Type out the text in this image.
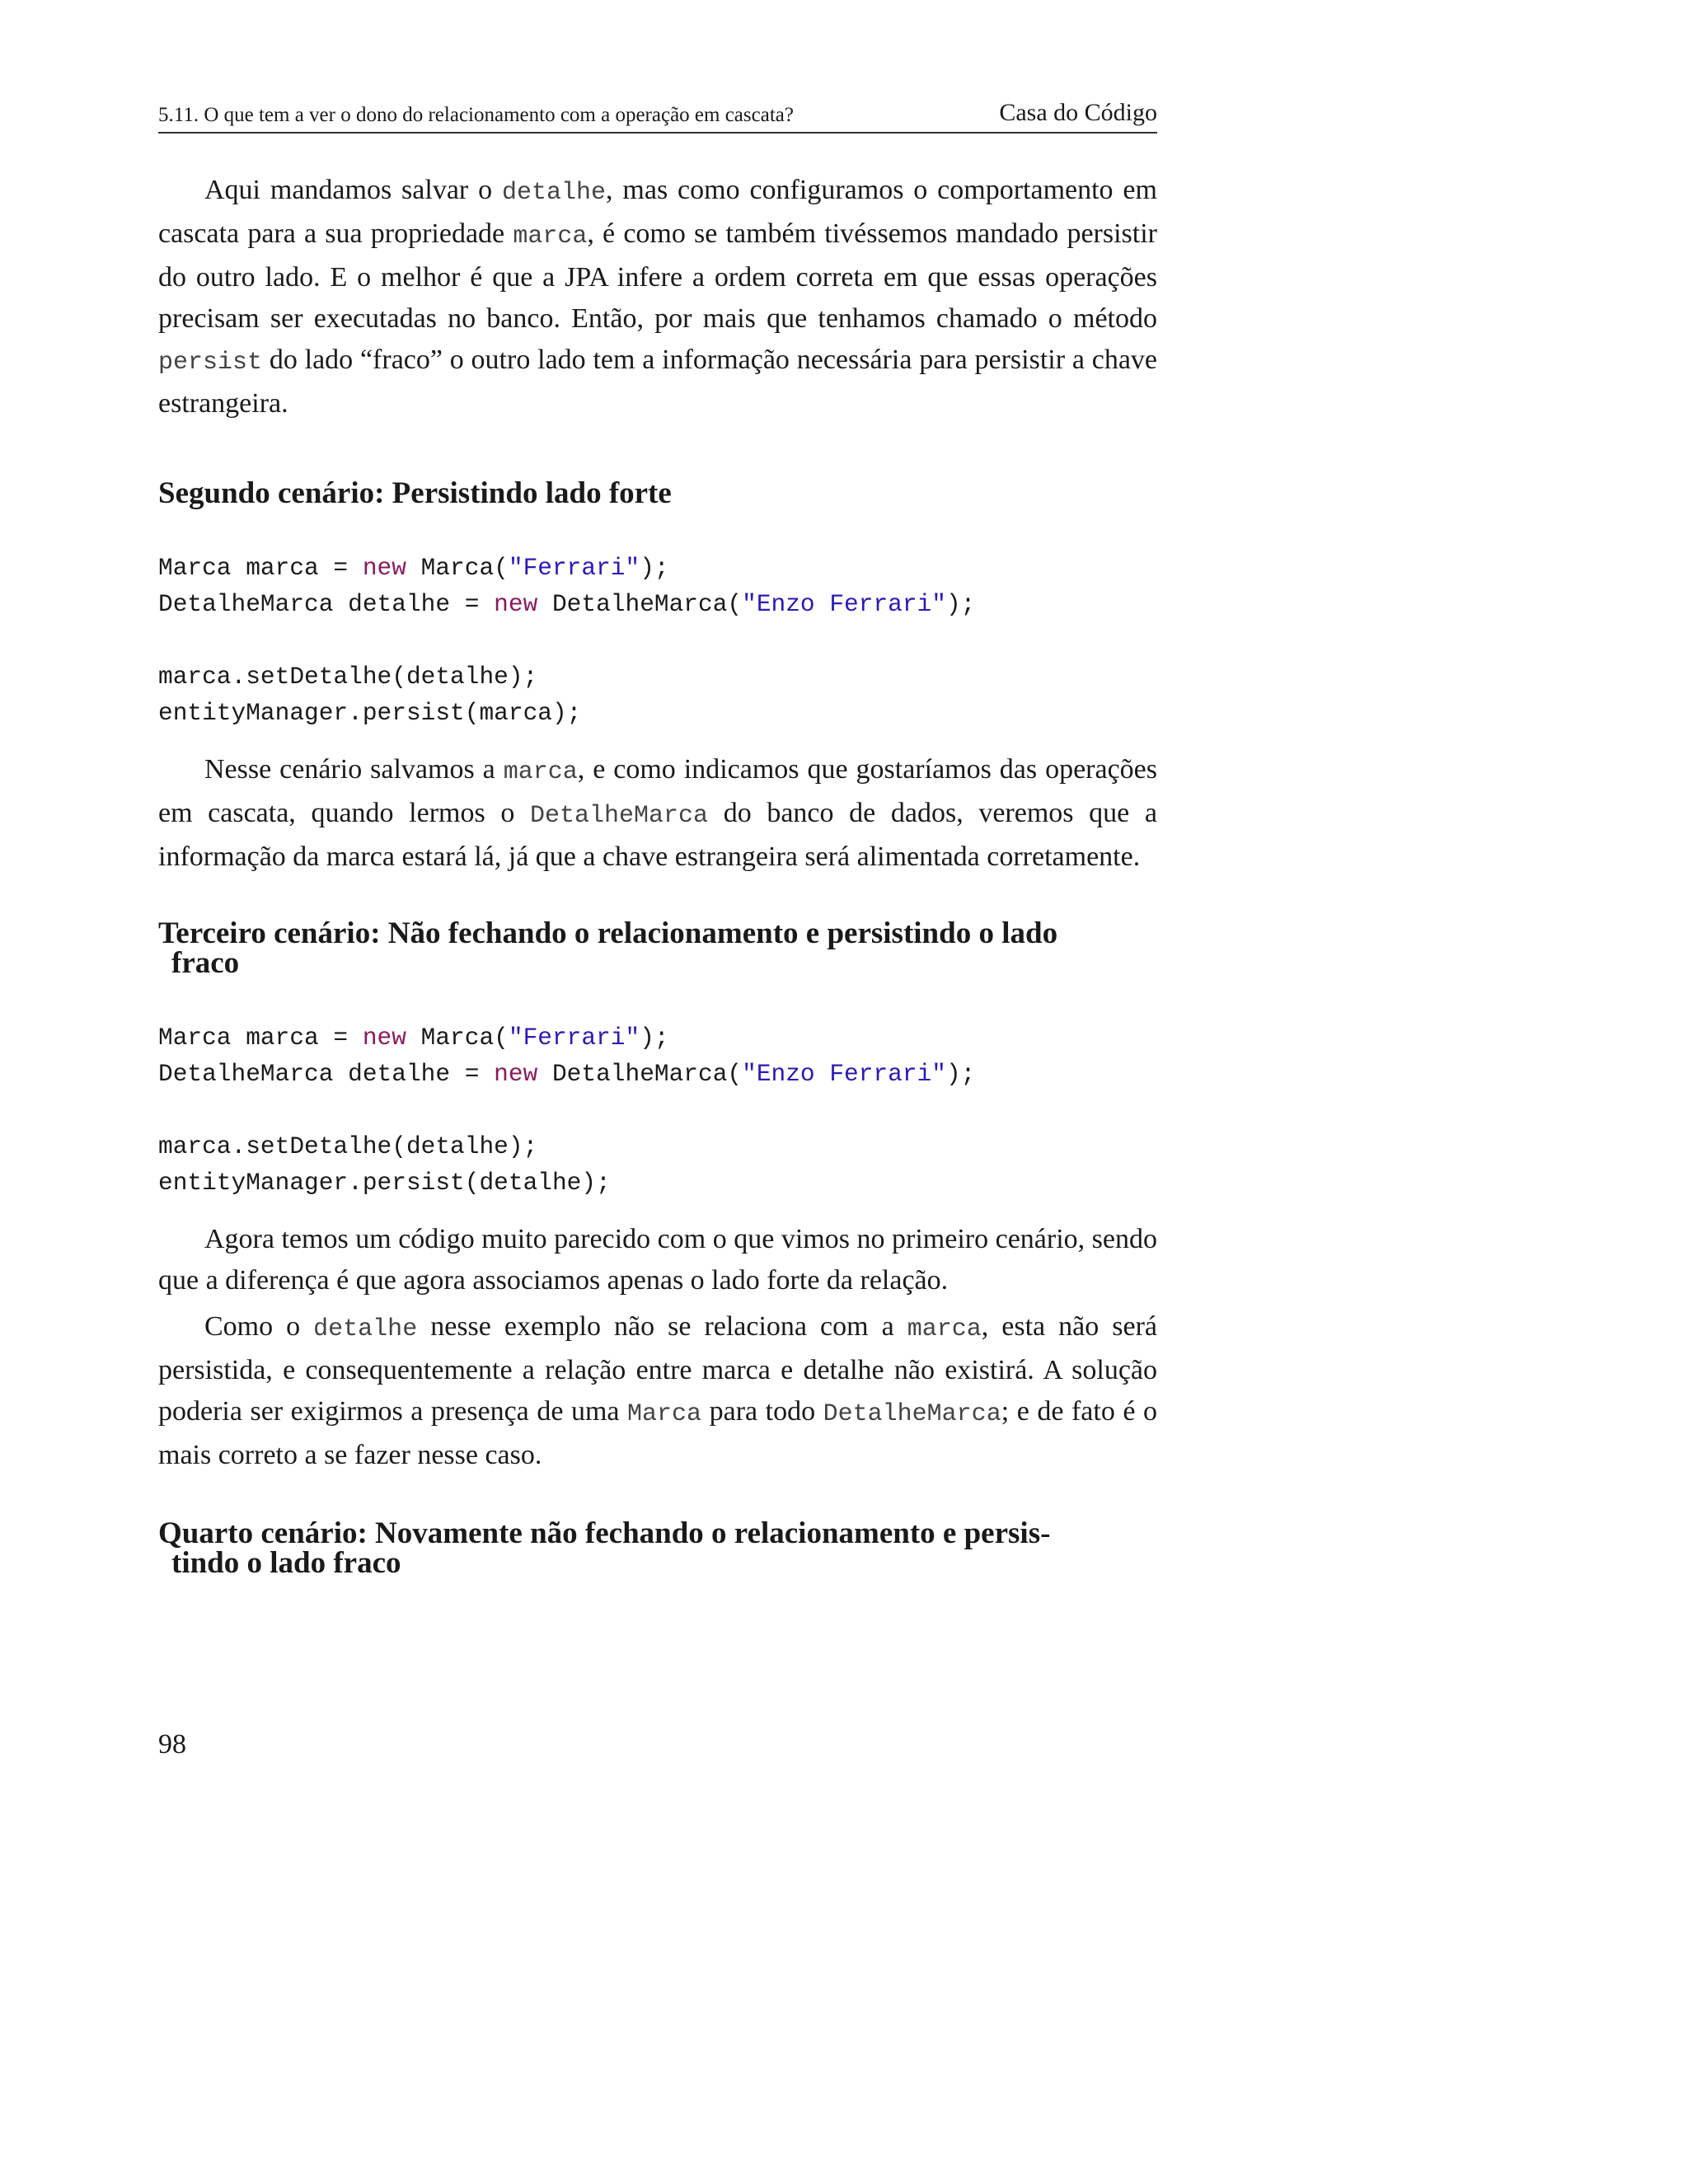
5.11. O que tem a ver o dono do relacionamento com a operação em cascata?	Casa do Código

Aqui mandamos salvar o detalhe, mas como configuramos o comportamento em cascata para a sua propriedade marca, é como se também tivéssemos mandado persistir do outro lado. E o melhor é que a JPA infere a ordem correta em que essas operações precisam ser executadas no banco. Então, por mais que tenhamos chamado o método persist do lado “fraco” o outro lado tem a informação necessária para persistir a chave estrangeira.

Segundo cenário: Persistindo lado forte
Marca marca = new Marca("Ferrari");
DetalheMarca detalhe = new DetalheMarca("Enzo Ferrari");
marca.setDetalhe(detalhe);
entityManager.persist(marca);

Nesse cenário salvamos a marca, e como indicamos que gostaríamos das operações em cascata, quando lermos o DetalheMarca do banco de dados, veremos que a informação da marca estará lá, já que a chave estrangeira será alimentada corretamente.

Terceiro cenário: Não fechando o relacionamento e persistindo o lado
fraco
Marca marca = new Marca("Ferrari");
DetalheMarca detalhe = new DetalheMarca("Enzo Ferrari");
marca.setDetalhe(detalhe);
entityManager.persist(detalhe);

Agora temos um código muito parecido com o que vimos no primeiro cenário, sendo que a diferença é que agora associamos apenas o lado forte da relação.

Como o detalhe nesse exemplo não se relaciona com a marca, esta não será persistida, e consequentemente a relação entre marca e detalhe não existirá. A solução poderia ser exigirmos a presença de uma Marca para todo DetalheMarca; e de fato é o mais correto a se fazer nesse caso.

Quarto cenário: Novamente não fechando o relacionamento e persis-
tindo o lado fraco
98
